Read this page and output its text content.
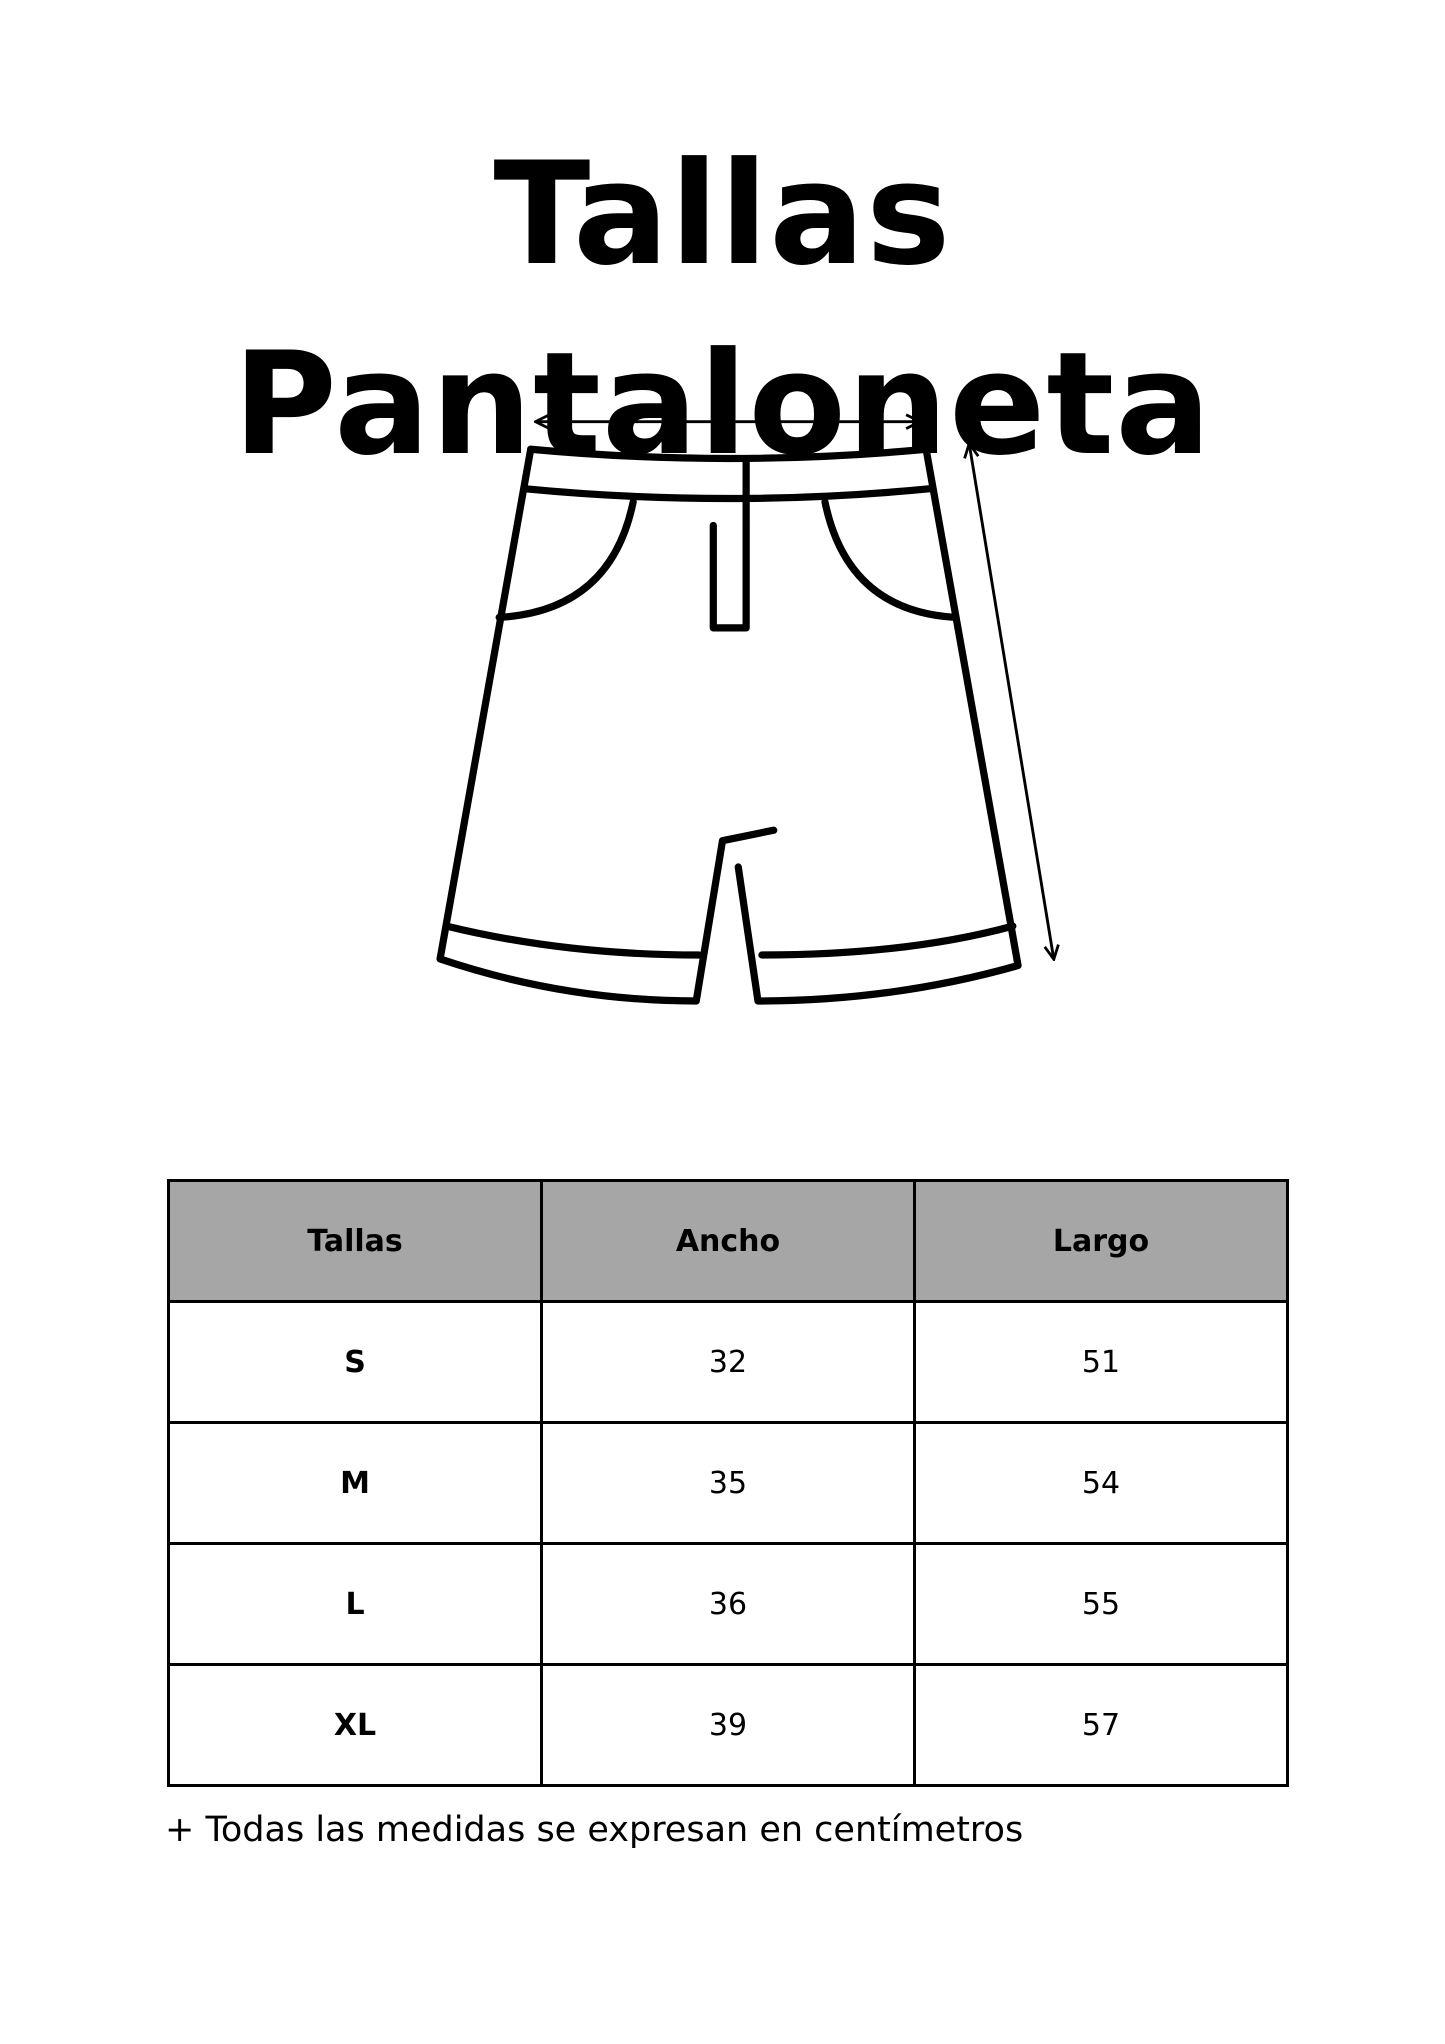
Tallas Pantaloneta
Tallas	Ancho	Largo
S	32	51
M	35	54
L	36	55
XL	39	57
+ Todas las medidas se expresan en centímetros
